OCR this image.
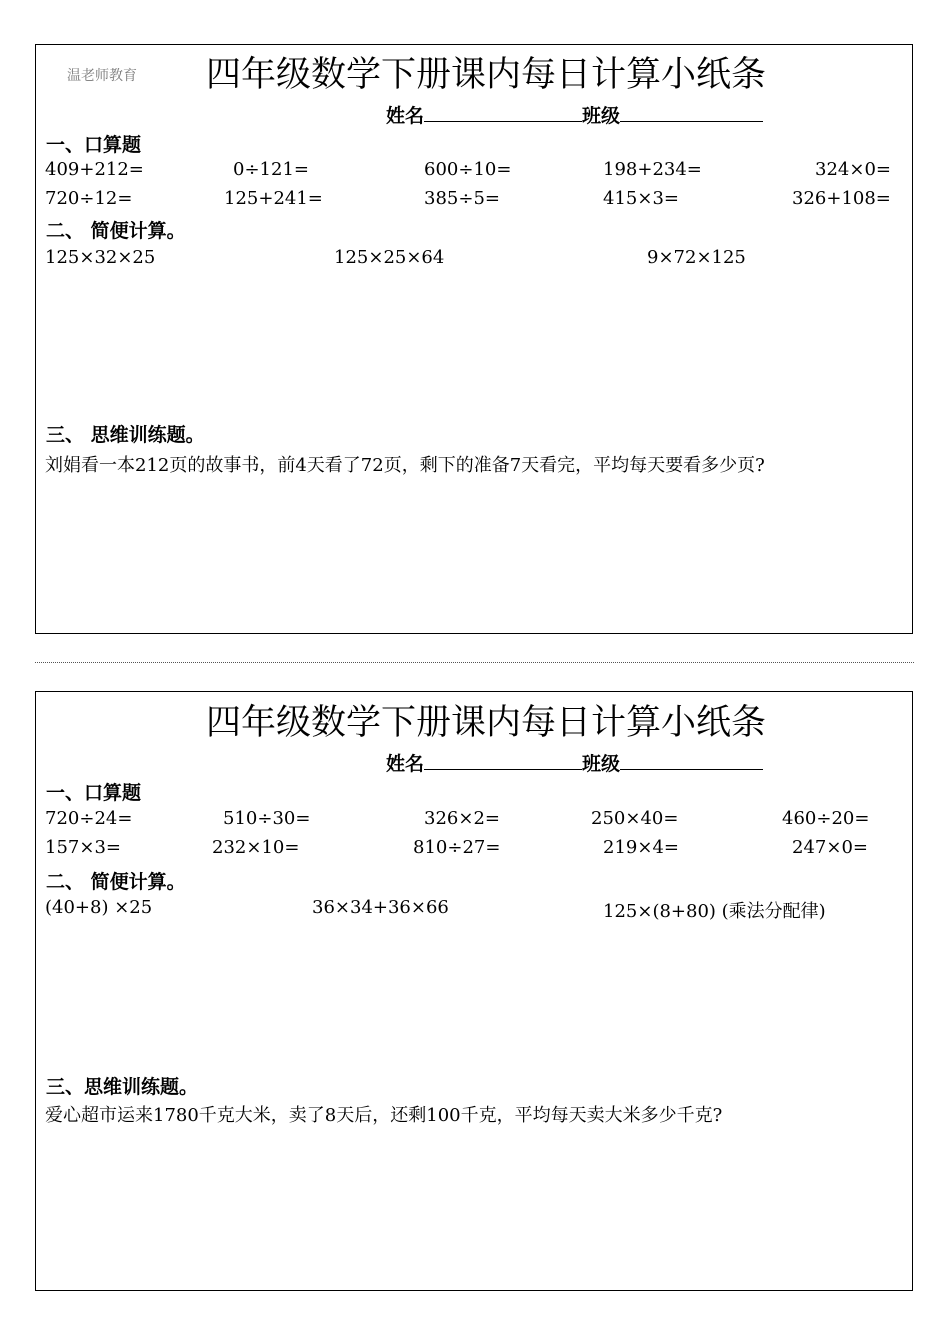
温老师教育 四年级数学下册课内每日计算小纸条
姓名	班级
一、口算题
409+212=	0÷121=	600÷10=	198+234=	324×0=
720÷12=	125+241=	385÷5=	415×3=	326+108=
二、 简便计算。
125×32×25	125×25×64	9×72×125
三、 思维训练题。
刘娟看一本212页的故事书，前4天看了72页，剩下的准备7天看完，平均每天要看多少页?
四年级数学下册课内每日计算小纸条
姓名	班级
一、口算题
720÷24=	510÷30=	326×2=	250×40=	460÷20=
157×3=	232×10=	810÷27=	219×4=	247×0=
二、 简便计算。
(40+8) ×25	36×34+36×66	125×(8+80) (乘法分配律)
三、思维训练题。
爱心超市运来1780千克大米，卖了8天后，还剩100千克，平均每天卖大米多少千克?
